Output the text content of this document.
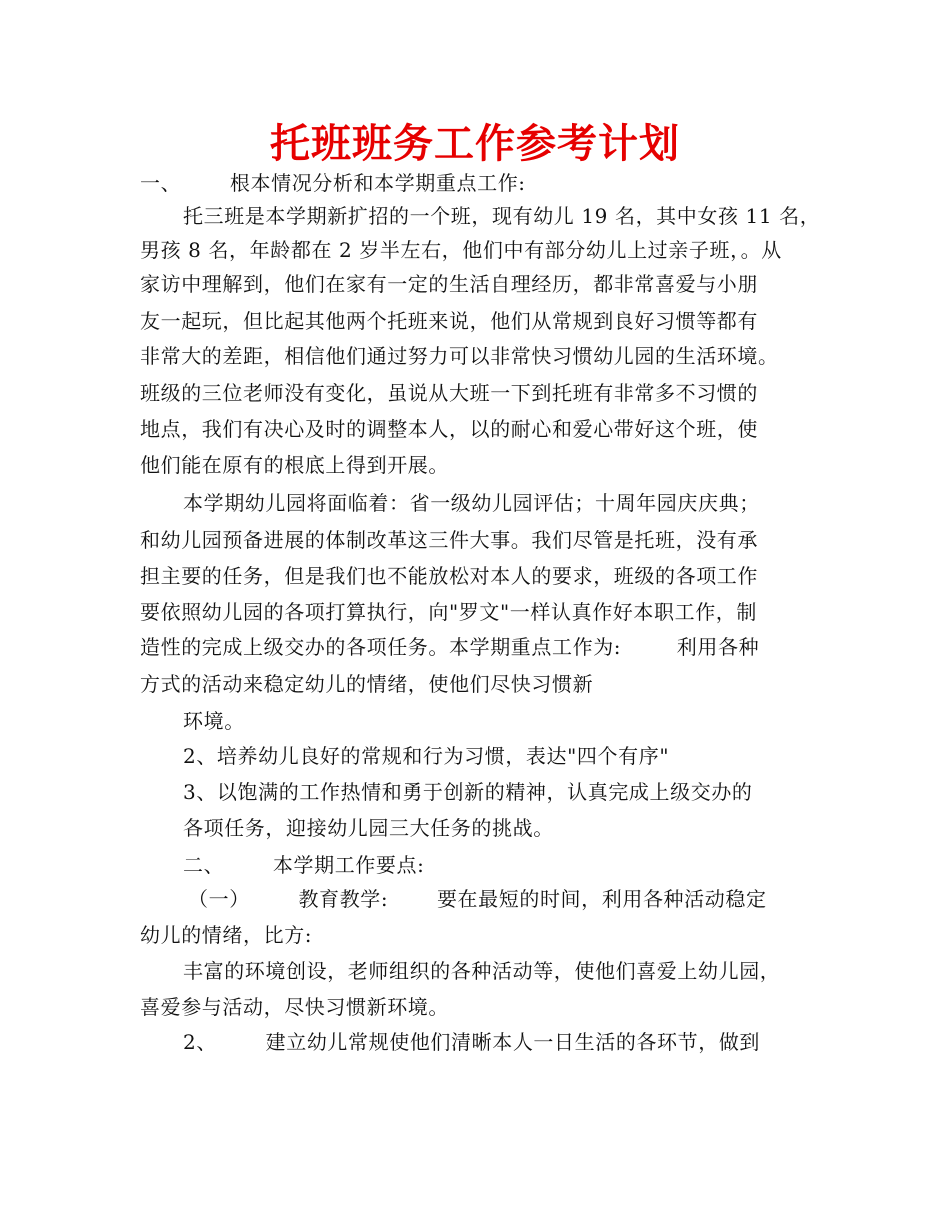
托班班务工作参考计划

一、       根本情况分析和本学期重点工作:

托三班是本学期新扩招的一个班，现有幼儿 19 名，其中女孩 11 名，

男孩 8 名，年龄都在 2 岁半左右，他们中有部分幼儿上过亲子班，。从

家访中理解到，他们在家有一定的生活自理经历，都非常喜爱与小朋

友一起玩，但比起其他两个托班来说，他们从常规到良好习惯等都有

非常大的差距，相信他们通过努力可以非常快习惯幼儿园的生活环境。

班级的三位老师没有变化，虽说从大班一下到托班有非常多不习惯的

地点，我们有决心及时的调整本人，以的耐心和爱心带好这个班，使

他们能在原有的根底上得到开展。

本学期幼儿园将面临着：省一级幼儿园评估；十周年园庆庆典；

和幼儿园预备进展的体制改革这三件大事。我们尽管是托班，没有承

担主要的任务，但是我们也不能放松对本人的要求，班级的各项工作

要依照幼儿园的各项打算执行，向"罗文"一样认真作好本职工作，制

造性的完成上级交办的各项任务。本学期重点工作为:        利用各种

方式的活动来稳定幼儿的情绪，使他们尽快习惯新

环境。

2、培养幼儿良好的常规和行为习惯，表达"四个有序"

3、以饱满的工作热情和勇于创新的精神，认真完成上级交办的

各项任务，迎接幼儿园三大任务的挑战。

二、       本学期工作要点:

（一）       教育教学:       要在最短的时间，利用各种活动稳定

幼儿的情绪，比方:

丰富的环境创设，老师组织的各种活动等，使他们喜爱上幼儿园，

喜爱参与活动，尽快习惯新环境。

2、       建立幼儿常规使他们清晰本人一日生活的各环节，做到
